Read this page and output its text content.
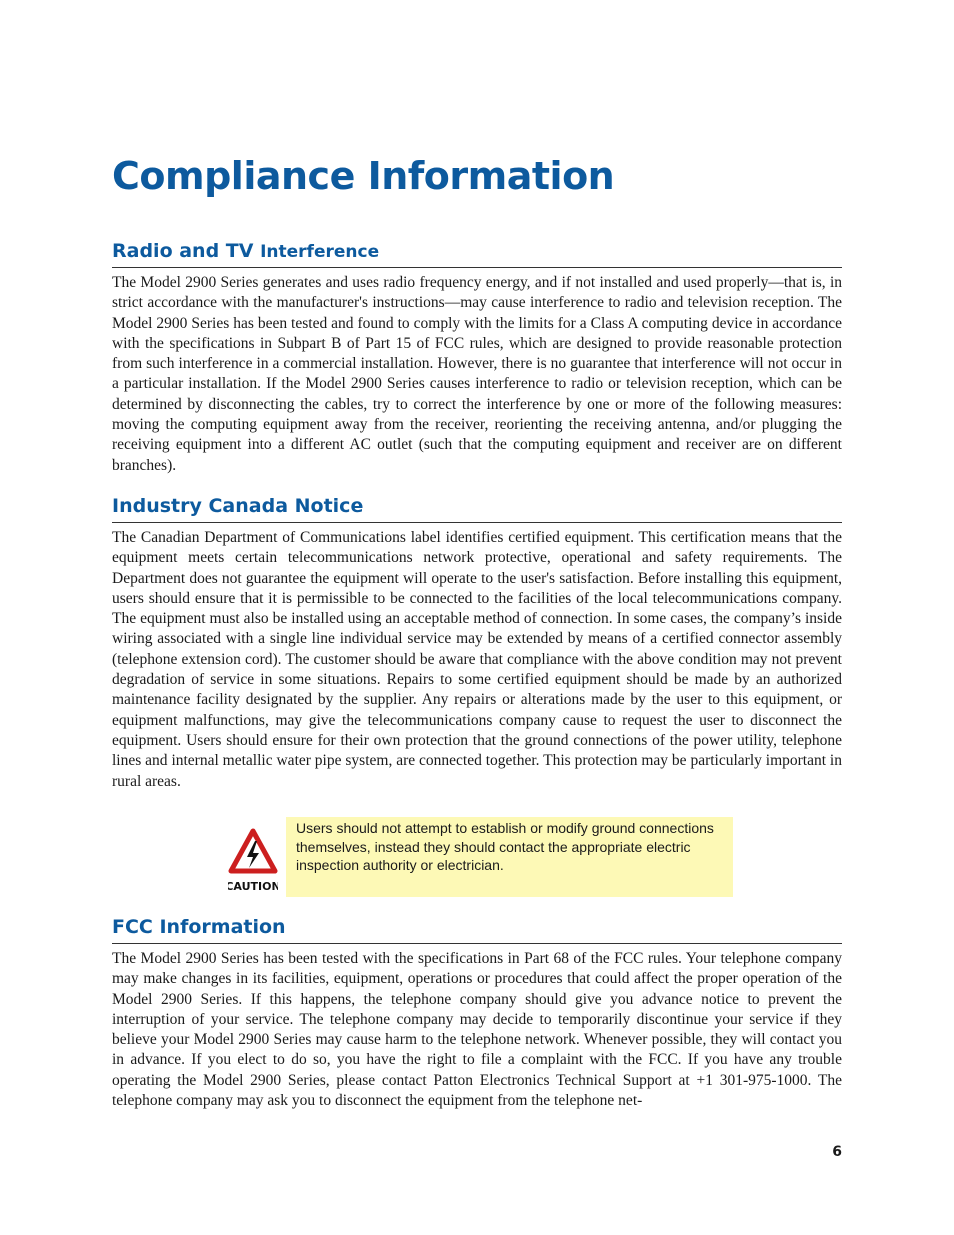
Compliance Information
Radio and TV Interference

The Model 2900 Series generates and uses radio frequency energy, and if not installed and used properly—that is, in strict accordance with the manufacturer's instructions—may cause interference to radio and television reception. The Model 2900 Series has been tested and found to comply with the limits for a Class A computing device in accordance with the specifications in Subpart B of Part 15 of FCC rules, which are designed to provide reasonable protection from such interference in a commercial installation. However, there is no guarantee that interference will not occur in a particular installation. If the Model 2900 Series causes interference to radio or television reception, which can be determined by disconnecting the cables, try to correct the interference by one or more of the following measures: moving the computing equipment away from the receiver, reorienting the receiving antenna, and/or plugging the receiving equipment into a different AC outlet (such that the computing equipment and receiver are on different branches).

Industry Canada Notice

The Canadian Department of Communications label identifies certified equipment. This certification means that the equipment meets certain telecommunications network protective, operational and safety requirements. The Department does not guarantee the equipment will operate to the user's satisfaction. Before installing this equipment, users should ensure that it is permissible to be connected to the facilities of the local telecommunications company. The equipment must also be installed using an acceptable method of connection. In some cases, the company’s inside wiring associated with a single line individual service may be extended by means of a certified connector assembly (telephone extension cord). The customer should be aware that compliance with the above condition may not prevent degradation of service in some situations. Repairs to some certified equipment should be made by an authorized maintenance facility designated by the supplier. Any repairs or alterations made by the user to this equipment, or equipment malfunctions, may give the telecommunications company cause to request the user to disconnect the equipment. Users should ensure for their own protection that the ground connections of the power utility, telephone lines and internal metallic water pipe system, are connected together. This protection may be particularly important in rural areas.

CAUTION
Users should not attempt to establish or modify ground connections themselves, instead they should contact the appropriate electric inspection authority or electrician.
FCC Information

The Model 2900 Series has been tested with the specifications in Part 68 of the FCC rules. Your telephone company may make changes in its facilities, equipment, operations or procedures that could affect the proper operation of the Model 2900 Series. If this happens, the telephone company should give you advance notice to prevent the interruption of your service. The telephone company may decide to temporarily discontinue your service if they believe your Model 2900 Series may cause harm to the telephone network. Whenever possible, they will contact you in advance. If you elect to do so, you have the right to file a complaint with the FCC. If you have any trouble operating the Model 2900 Series, please contact Patton Electronics Technical Support at +1 301-975-1000. The telephone company may ask you to disconnect the equipment from the telephone net-

6
